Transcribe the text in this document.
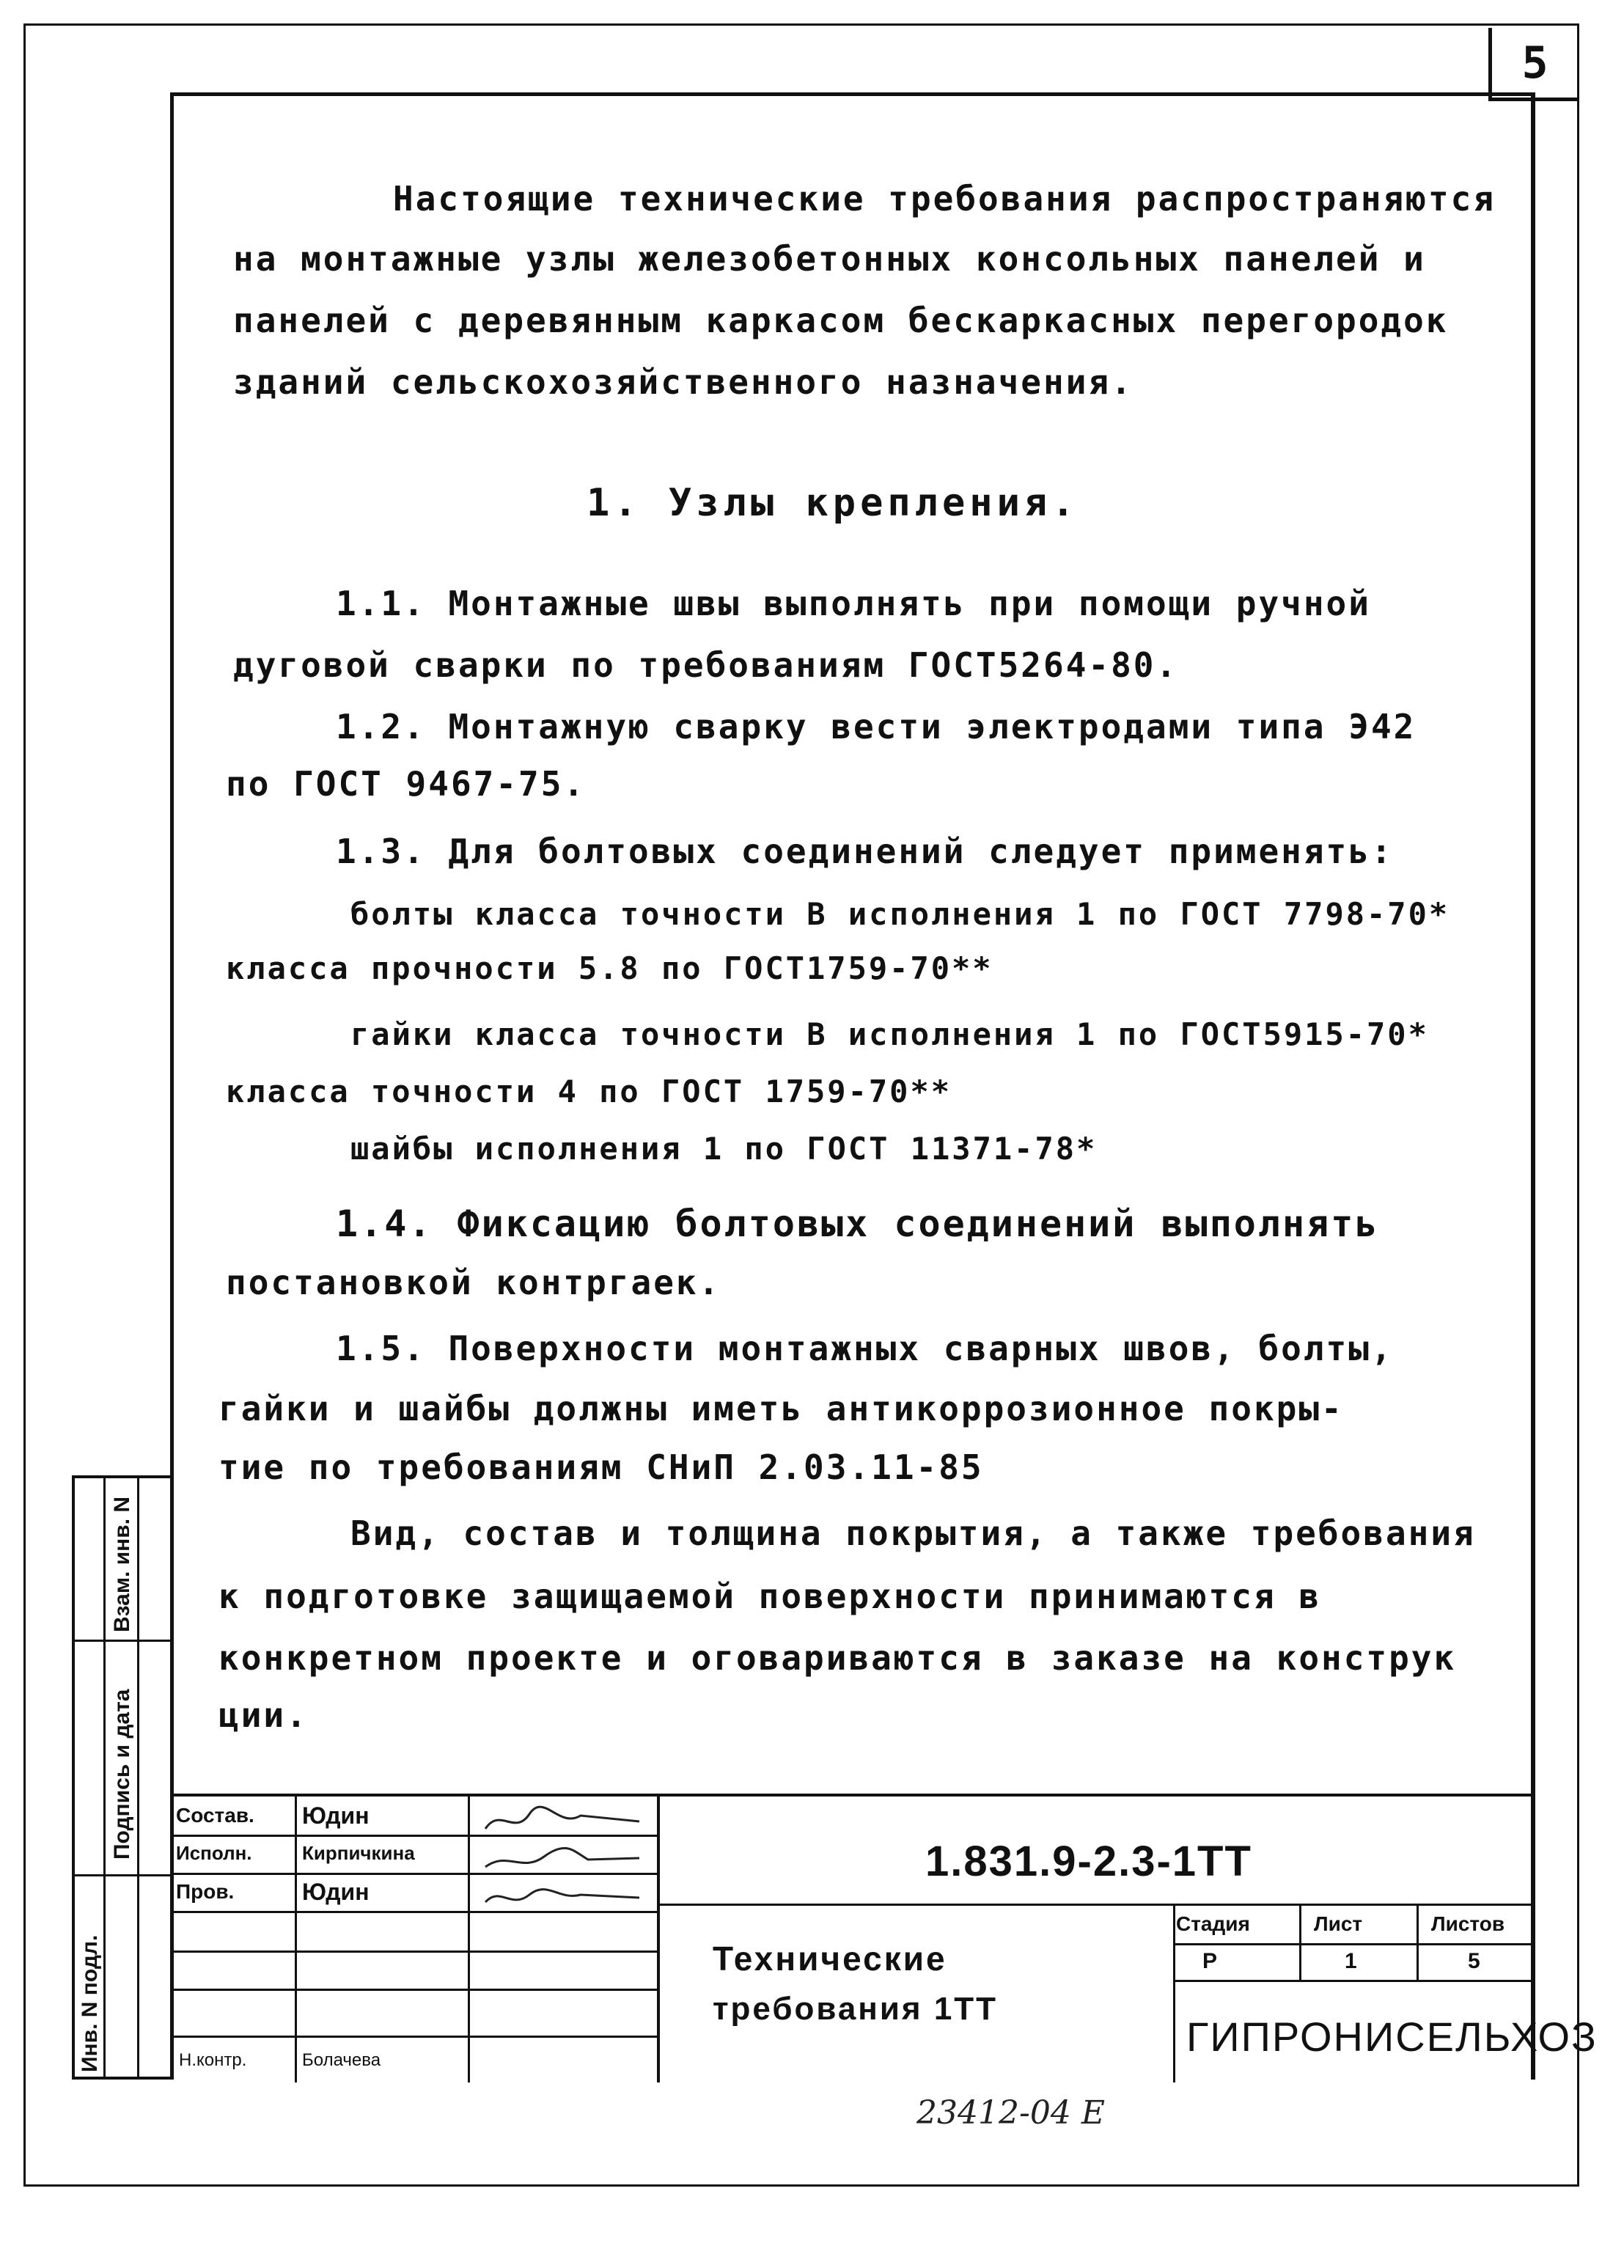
5
Настоящие технические требования распространяются
на монтажные узлы железобетонных консольных панелей и
панелей с деревянным каркасом бескаркасных перегородок
зданий сельскохозяйственного назначения.
1. Узлы крепления.
1.1. Монтажные швы выполнять при помощи ручной
дуговой сварки по требованиям ГОСТ5264-80.
1.2. Монтажную сварку вести электродами типа Э42
по ГОСТ 9467-75.
1.3. Для болтовых соединений следует применять:
болты класса точности В исполнения 1 по ГОСТ 7798-70*
класса прочности 5.8 по ГОСТ1759-70**
гайки класса точности В исполнения 1 по ГОСТ5915-70*
класса точности 4 по ГОСТ 1759-70**
шайбы исполнения 1 по ГОСТ 11371-78*
1.4. Фиксацию болтовых соединений выполнять
постановкой контргаек.
1.5. Поверхности монтажных сварных швов, болты,
гайки и шайбы должны иметь антикоррозионное покры-
тие по требованиям СНиП 2.03.11-85
Вид, состав и толщина покрытия, а также требования
к подготовке защищаемой поверхности принимаются в
конкретном проекте и оговариваются в заказе на конструк
ции.
Состав. Юдин
Исполн.	Кирпичкина
Пров.	Юдин
Н.контр.	Болачева
1.831.9-2.3-1ТТ
Технические
требования 1ТТ
Стадия	Лист	Листов
Р	1	5
ГИПРОНИСЕЛЬХОЗ
Инв. N подл.
Подпись и дата
Взам. инв. N
23412-04 Е
